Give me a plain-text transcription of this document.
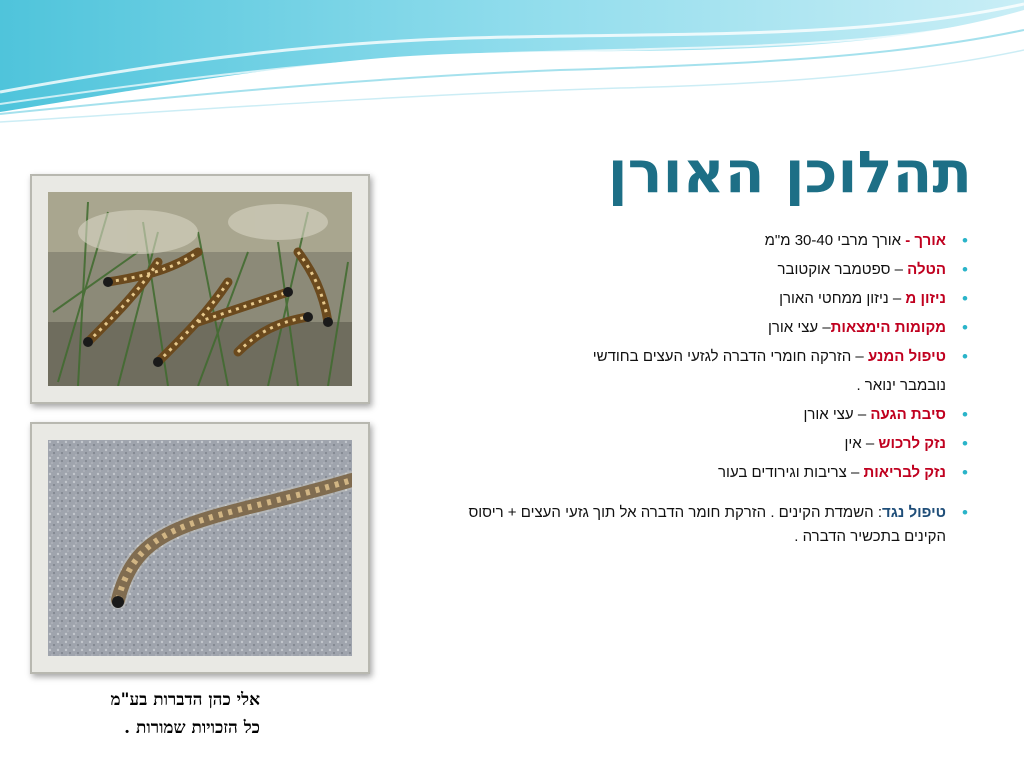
תהלוכן האורן
• אורך - אורך מרבי 30-40 מ"מ
• הטלה – ספטמבר אוקטובר
• ניזון מ – ניזון ממחטי האורן
• מקומות הימצאות– עצי אורן
• טיפול המנע – הזרקה חומרי הדברה לגזעי העצים בחודשי
נובמבר ינואר .
• סיבת הגעה – עצי אורן
• נזק לרכוש – אין
• נזק לבריאות – צריבות וגירודים בעור
• טיפול נגד: השמדת הקינים . הזרקת חומר הדברה אל תוך גזעי העצים + ריסוס הקינים בתכשיר הדברה .
אלי כהן הדברות בע"מ
כל הזכויות שמורות .
